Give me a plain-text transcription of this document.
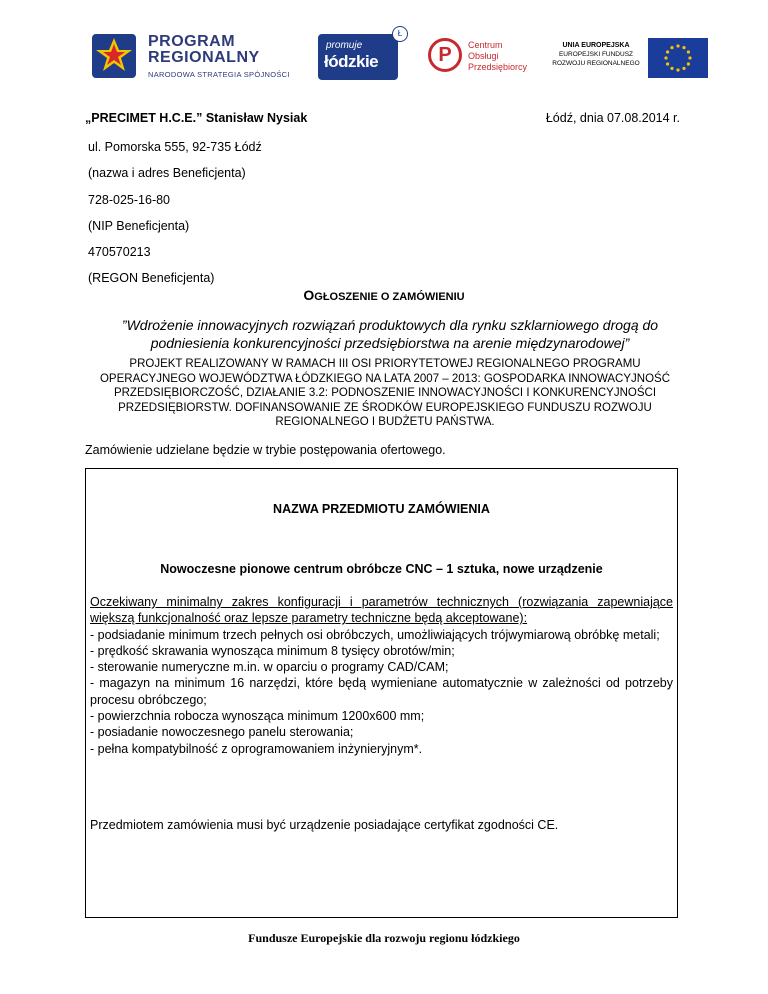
PROGRAM
REGIONALNY
NARODOWA STRATEGIA SPÓJNOŚCI
promuje
łódzkie
Ł
P	Centrum
Obsługi
Przedsiębiorcy
UNIA EUROPEJSKA
EUROPEJSKI FUNDUSZ
ROZWOJU REGIONALNEGO
„PRECIMET H.C.E.” Stanisław Nysiak	Łódź, dnia 07.08.2014 r.
ul. Pomorska 555, 92-735 Łódź
(nazwa i adres Beneficjenta)
728-025-16-80
(NIP Beneficjenta)
470570213
(REGON Beneficjenta)
OGŁOSZENIE O ZAMÓWIENIU
”Wdrożenie innowacyjnych rozwiązań produktowych dla rynku szklarniowego drogą do podniesienia konkurencyjności przedsiębiorstwa na arenie międzynarodowej”
PROJEKT REALIZOWANY W RAMACH III OSI PRIORYTETOWEJ REGIONALNEGO PROGRAMU OPERACYJNEGO WOJEWÓDZTWA ŁÓDZKIEGO NA LATA 2007 – 2013: GOSPODARKA INNOWACYJNOŚĆ PRZEDSIĘBIORCZOŚĆ, DZIAŁANIE 3.2: PODNOSZENIE INNOWACYJNOŚCI I KONKURENCYJNOŚCI PRZEDSIĘBIORSTW. DOFINANSOWANIE ZE ŚRODKÓW EUROPEJSKIEGO FUNDUSZU ROZWOJU REGIONALNEGO I BUDŻETU PAŃSTWA.
Zamówienie udzielane będzie w trybie postępowania ofertowego.
NAZWA PRZEDMIOTU ZAMÓWIENIA
Nowoczesne pionowe centrum obróbcze CNC – 1 sztuka, nowe urządzenie
Oczekiwany minimalny zakres konfiguracji i parametrów technicznych (rozwiązania zapewniające większą funkcjonalność oraz lepsze parametry techniczne będą akceptowane):
- podsiadanie minimum trzech pełnych osi obróbczych, umożliwiających trójwymiarową obróbkę metali;
- prędkość skrawania wynosząca minimum 8 tysięcy obrotów/min;
- sterowanie numeryczne m.in. w oparciu o programy CAD/CAM;
- magazyn na minimum 16 narzędzi, które będą wymieniane automatycznie w zależności od potrzeby procesu obróbczego;
- powierzchnia robocza wynosząca minimum 1200x600 mm;
- posiadanie nowoczesnego panelu sterowania;
- pełna kompatybilność z oprogramowaniem inżynieryjnym*.
Przedmiotem zamówienia musi być urządzenie posiadające certyfikat zgodności CE.
Fundusze Europejskie dla rozwoju regionu łódzkiego
